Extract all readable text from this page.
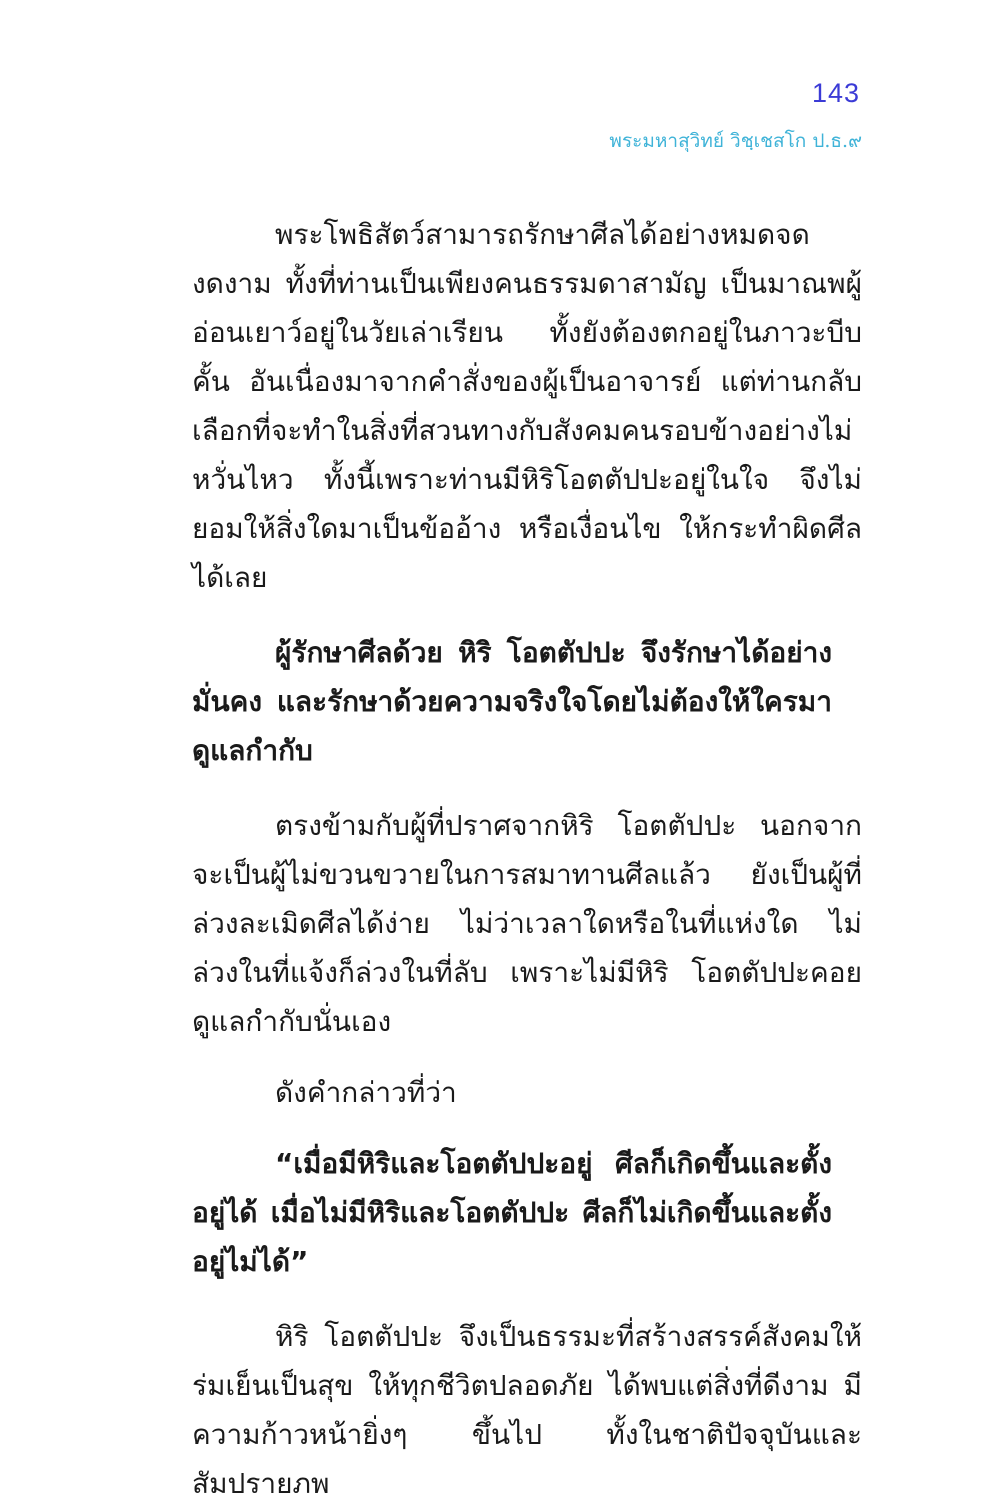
143
พระมหาสุวิทย์ วิชฺเชสโก ป.ธ.๙

พระโพธิสัตว์สามารถรักษาศีลได้อย่างหมดจดงดงาม ทั้งที่ท่านเป็นเพียงคนธรรมดาสามัญ เป็นมาณพผู้อ่อนเยาว์อยู่ในวัยเล่าเรียน ทั้งยังต้องตกอยู่ในภาวะบีบคั้น อันเนื่องมาจากคำสั่งของผู้เป็นอาจารย์ แต่ท่านกลับเลือกที่จะทำในสิ่งที่สวนทางกับสังคมคนรอบข้างอย่างไม่หวั่นไหว ทั้งนี้เพราะท่านมีหิริโอตตัปปะอยู่ในใจ จึงไม่ยอมให้สิ่งใดมาเป็นข้ออ้าง หรือเงื่อนไข ให้กระทำผิดศีลได้เลย

ผู้รักษาศีลด้วย หิริ โอตตัปปะ จึงรักษาได้อย่างมั่นคง และรักษาด้วยความจริงใจโดยไม่ต้องให้ใครมาดูแลกำกับ

ตรงข้ามกับผู้ที่ปราศจากหิริ โอตตัปปะ นอกจากจะเป็นผู้ไม่ขวนขวายในการสมาทานศีลแล้ว ยังเป็นผู้ที่ล่วงละเมิดศีลได้ง่าย ไม่ว่าเวลาใดหรือในที่แห่งใด ไม่ล่วงในที่แจ้งก็ล่วงในที่ลับ เพราะไม่มีหิริ โอตตัปปะคอยดูแลกำกับนั่นเอง

ดังคำกล่าวที่ว่า

“เมื่อมีหิริและโอตตัปปะอยู่ ศีลก็เกิดขึ้นและตั้งอยู่ได้ เมื่อไม่มีหิริและโอตตัปปะ ศีลก็ไม่เกิดขึ้นและตั้งอยู่ไม่ได้”

หิริ โอตตัปปะ จึงเป็นธรรมะที่สร้างสรรค์สังคมให้ร่มเย็นเป็นสุข ให้ทุกชีวิตปลอดภัย ได้พบแต่สิ่งที่ดีงาม มีความก้าวหน้ายิ่งๆ ขึ้นไป ทั้งในชาติปัจจุบันและสัมปรายภพ
